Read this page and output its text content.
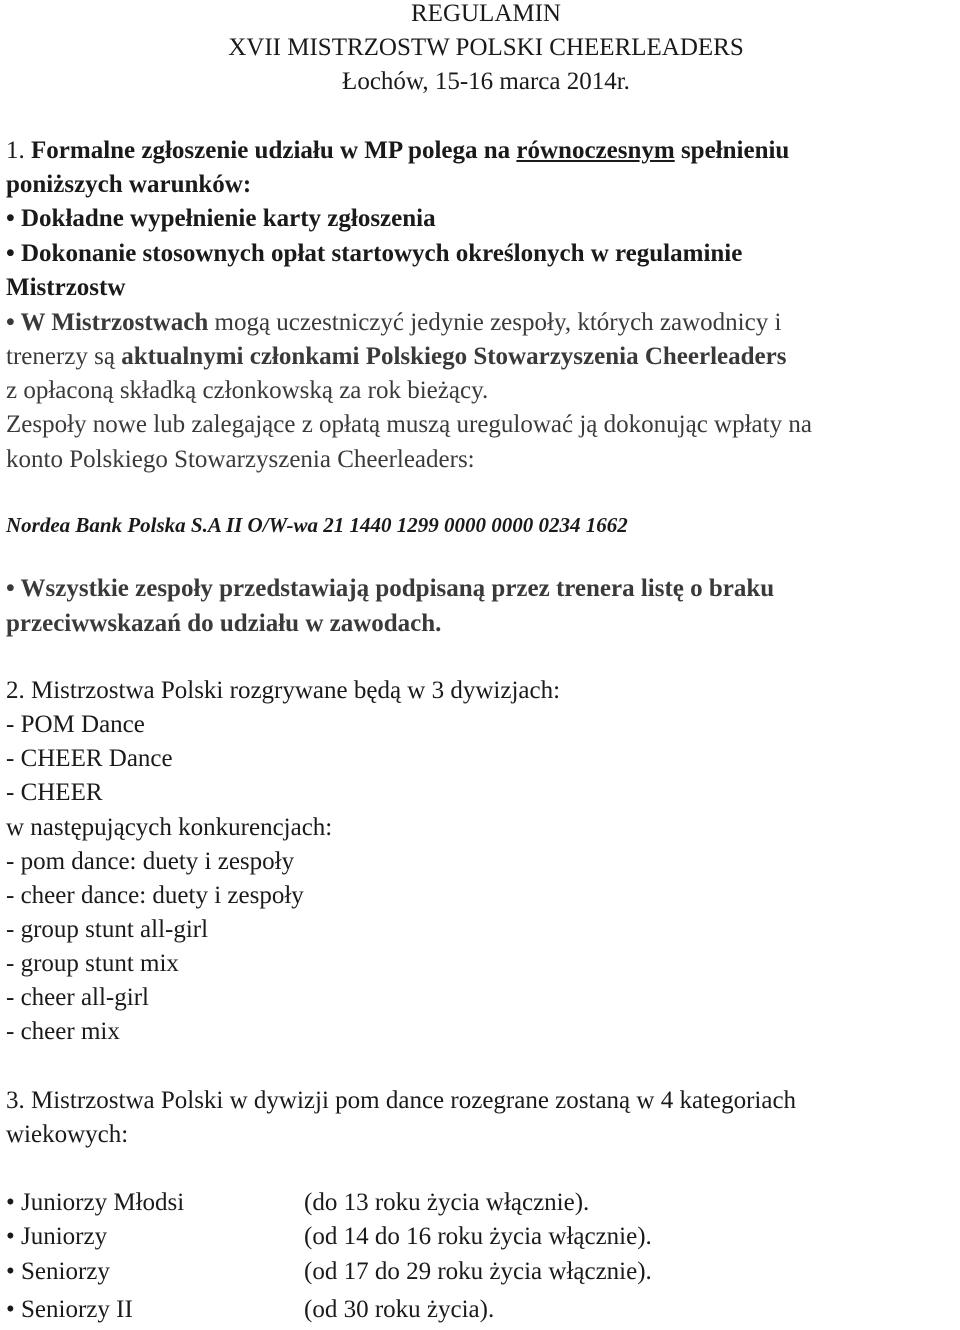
REGULAMIN
XVII MISTRZOSTW POLSKI CHEERLEADERS
Łochów, 15-16 marca 2014r.
1. Formalne zgłoszenie udziału w MP polega na równoczesnym spełnieniu
poniższych warunków:
• Dokładne wypełnienie karty zgłoszenia
• Dokonanie stosownych opłat startowych określonych w regulaminie
Mistrzostw
• W Mistrzostwach mogą uczestniczyć jedynie zespoły, których zawodnicy i
trenerzy są aktualnymi członkami Polskiego Stowarzyszenia Cheerleaders
z opłaconą składką członkowską za rok bieżący.
Zespoły nowe lub zalegające z opłatą muszą uregulować ją dokonując wpłaty na
konto Polskiego Stowarzyszenia Cheerleaders:
Nordea Bank Polska S.A II O/W-wa 21 1440 1299 0000 0000 0234 1662
• Wszystkie zespoły przedstawiają podpisaną przez trenera listę o braku
przeciwwskazań do udziału w zawodach.
2. Mistrzostwa Polski rozgrywane będą w 3 dywizjach:
- POM Dance
- CHEER Dance
- CHEER
w następujących konkurencjach:
- pom dance: duety i zespoły
- cheer dance: duety i zespoły
- group stunt all-girl
- group stunt mix
- cheer all-girl
- cheer mix
3. Mistrzostwa Polski w dywizji pom dance rozegrane zostaną w 4 kategoriach
wiekowych:
• Juniorzy Młodsi	(do 13 roku życia włącznie).
• Juniorzy	(od 14 do 16 roku życia włącznie).
• Seniorzy	(od 17 do 29 roku życia włącznie).
• Seniorzy II	(od 30 roku życia).
